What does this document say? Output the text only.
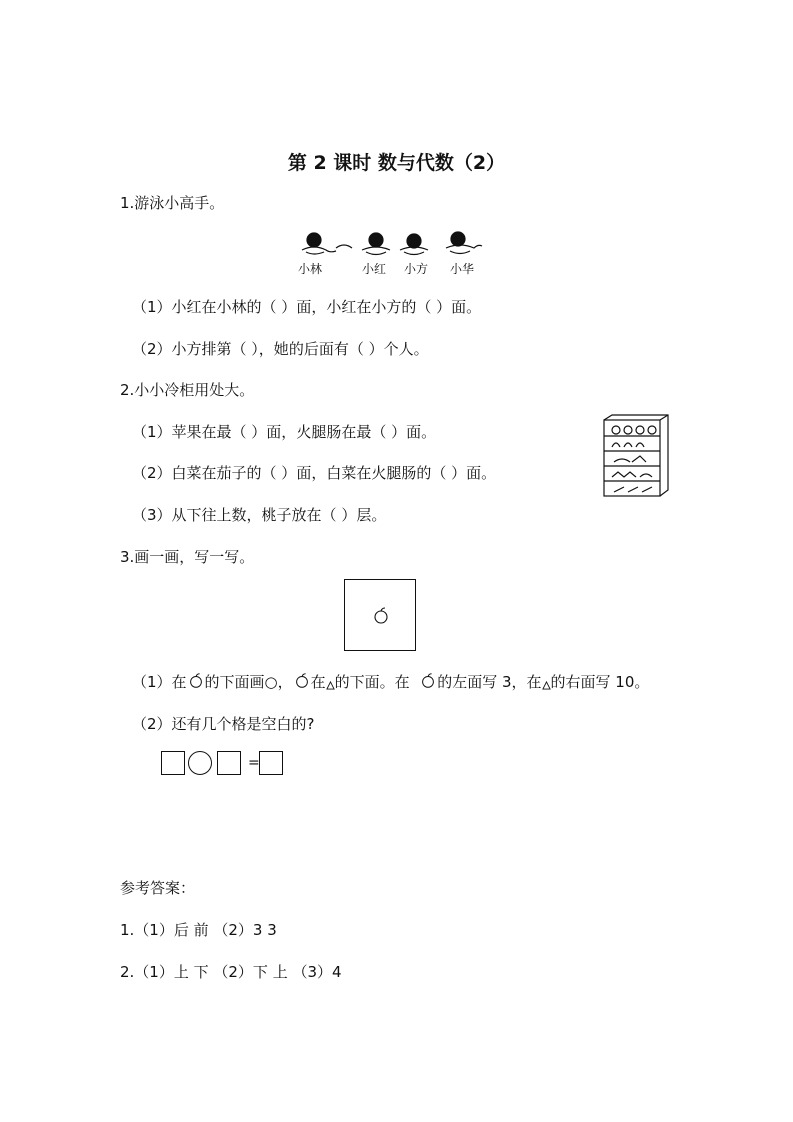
第 2 课时 数与代数（2）
1.游泳小高手。
小林	小红 小方 小华
（1）小红在小林的（ ）面，小红在小方的（ ）面。
（2）小方排第（ ），她的后面有（ ）个人。
2.小小冷柜用处大。
（1）苹果在最（ ）面，火腿肠在最（ ）面。
（2）白菜在茄子的（ ）面，白菜在火腿肠的（ ）面。
（3）从下往上数，桃子放在（ ）层。
3.画一画，写一写。
（1）在 的下面画○， 在 的下面。在 的左面写 3，在 的右面写 10。
（2）还有几个格是空白的?
=
参考答案：
1.（1）后 前 （2）3 3
2.（1）上 下 （2）下 上 （3）4
